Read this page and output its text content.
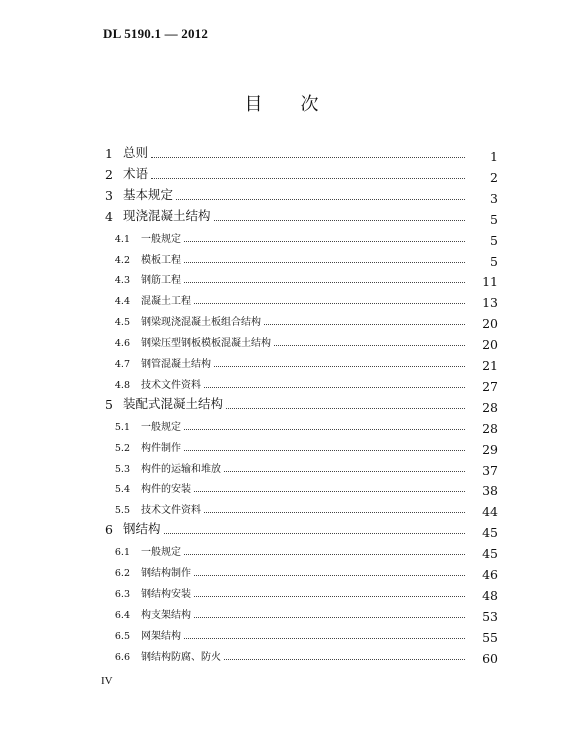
DL 5190.1 — 2012
目次
1 总则	1
2 术语	2
3 基本规定	3
4 现浇混凝土结构	5
4.1 一般规定	5
4.2 模板工程	5
4.3 钢筋工程	11
4.4 混凝土工程	13
4.5 钢梁现浇混凝土板组合结构	20
4.6 钢梁压型钢板模板混凝土结构	20
4.7 钢管混凝土结构	21
4.8 技术文件资料	27
5 装配式混凝土结构	28
5.1 一般规定	28
5.2 构件制作	29
5.3 构件的运输和堆放	37
5.4 构件的安装	38
5.5 技术文件资料	44
6 钢结构	45
6.1 一般规定	45
6.2 钢结构制作	46
6.3 钢结构安装	48
6.4 构支架结构	53
6.5 网架结构	55
6.6 钢结构防腐、防火	60
IV
